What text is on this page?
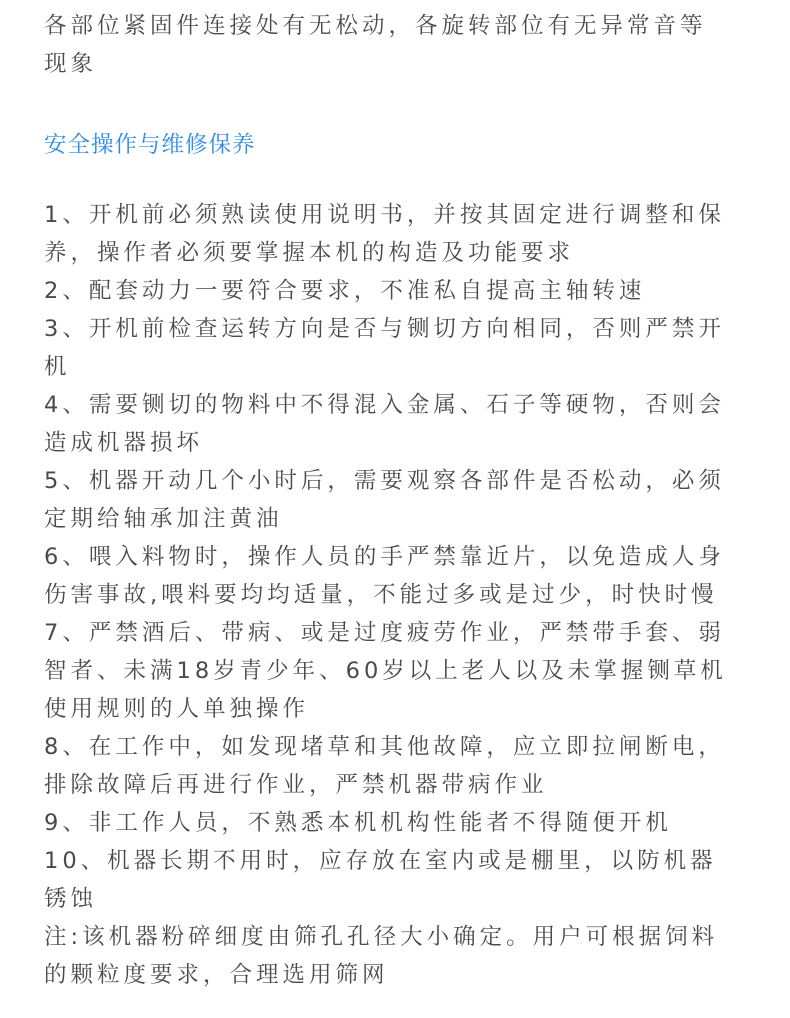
各部位紧固件连接处有无松动，各旋转部位有无异常音等
现象

安全操作与维修保养

1、开机前必须熟读使用说明书，并按其固定进行调整和保
养，操作者必须要掌握本机的构造及功能要求

2、配套动力一要符合要求，不准私自提高主轴转速

3、开机前检查运转方向是否与铡切方向相同，否则严禁开
机

4、需要铡切的物料中不得混入金属、石子等硬物，否则会
造成机器损坏

5、机器开动几个小时后，需要观察各部件是否松动，必须
定期给轴承加注黄油

6、喂入料物时，操作人员的手严禁靠近片，以免造成人身
伤害事故,喂料要均均适量，不能过多或是过少，时快时慢

7、严禁酒后、带病、或是过度疲劳作业，严禁带手套、弱
智者、未满18岁青少年、60岁以上老人以及未掌握铡草机
使用规则的人单独操作

8、在工作中，如发现堵草和其他故障，应立即拉闸断电，
排除故障后再进行作业，严禁机器带病作业

9、非工作人员，不熟悉本机机构性能者不得随便开机

10、机器长期不用时，应存放在室内或是棚里，以防机器
锈蚀

注:该机器粉碎细度由筛孔孔径大小确定。用户可根据饲料
的颗粒度要求，合理选用筛网
